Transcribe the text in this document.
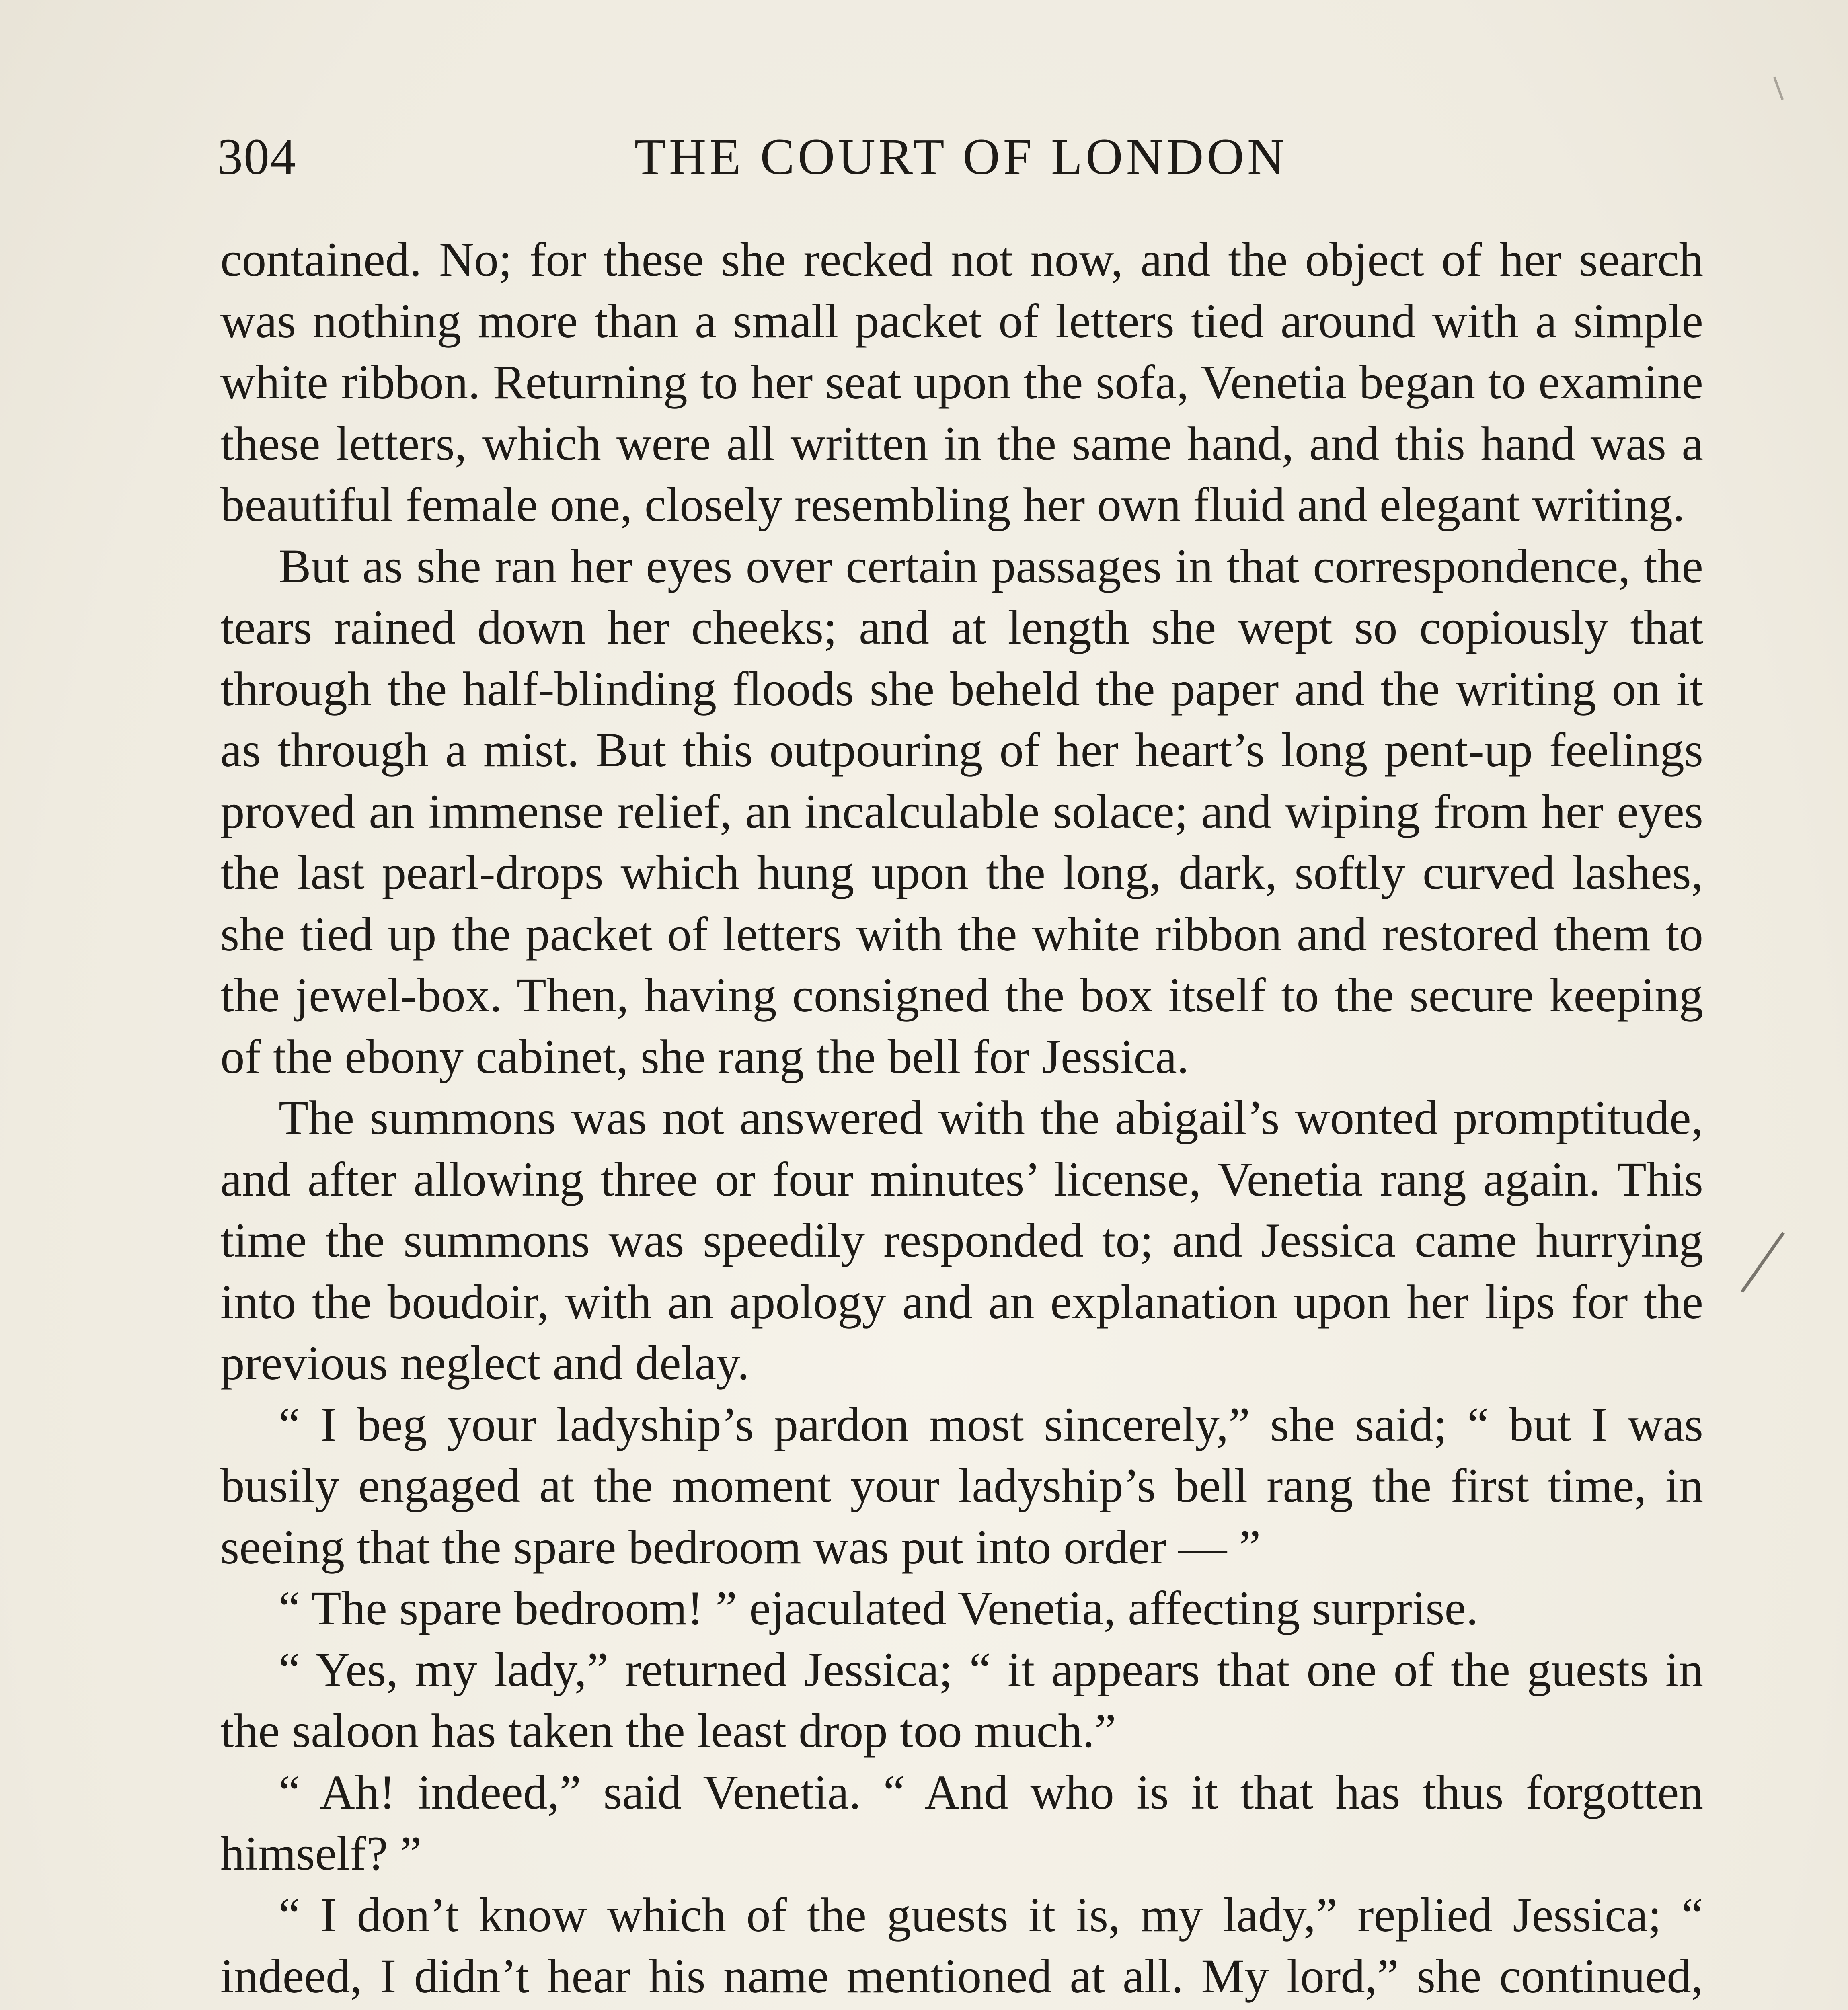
304	THE COURT OF LONDON

contained. No; for these she recked not now, and the object of her search was nothing more than a small packet of letters tied around with a simple white ribbon. Returning to her seat upon the sofa, Venetia began to examine these letters, which were all written in the same hand, and this hand was a beautiful female one, closely resembling her own fluid and elegant writing.

But as she ran her eyes over certain passages in that correspondence, the tears rained down her cheeks; and at length she wept so copiously that through the half-blinding floods she beheld the paper and the writing on it as through a mist. But this outpouring of her heart’s long pent-up feelings proved an immense relief, an incalculable solace; and wiping from her eyes the last pearl-drops which hung upon the long, dark, softly curved lashes, she tied up the packet of letters with the white ribbon and restored them to the jewel-box. Then, having consigned the box itself to the secure keeping of the ebony cabinet, she rang the bell for Jessica.

The summons was not answered with the abigail’s wonted promptitude, and after allowing three or four minutes’ license, Venetia rang again. This time the summons was speedily responded to; and Jessica came hurrying into the boudoir, with an apology and an explanation upon her lips for the previous neglect and delay.

“ I beg your ladyship’s pardon most sincerely,” she said; “ but I was busily engaged at the moment your ladyship’s bell rang the first time, in seeing that the spare bedroom was put into order — ”

“ The spare bedroom! ” ejaculated Venetia, affecting surprise.

“ Yes, my lady,” returned Jessica; “ it appears that one of the guests in the saloon has taken the least drop too much.”

“ Ah! indeed,” said Venetia. “ And who is it that has thus forgotten himself? ”

“ I don’t know which of the guests it is, my lady,” replied Jessica; “ indeed, I didn’t hear his name mentioned at all. My lord,” she continued,
